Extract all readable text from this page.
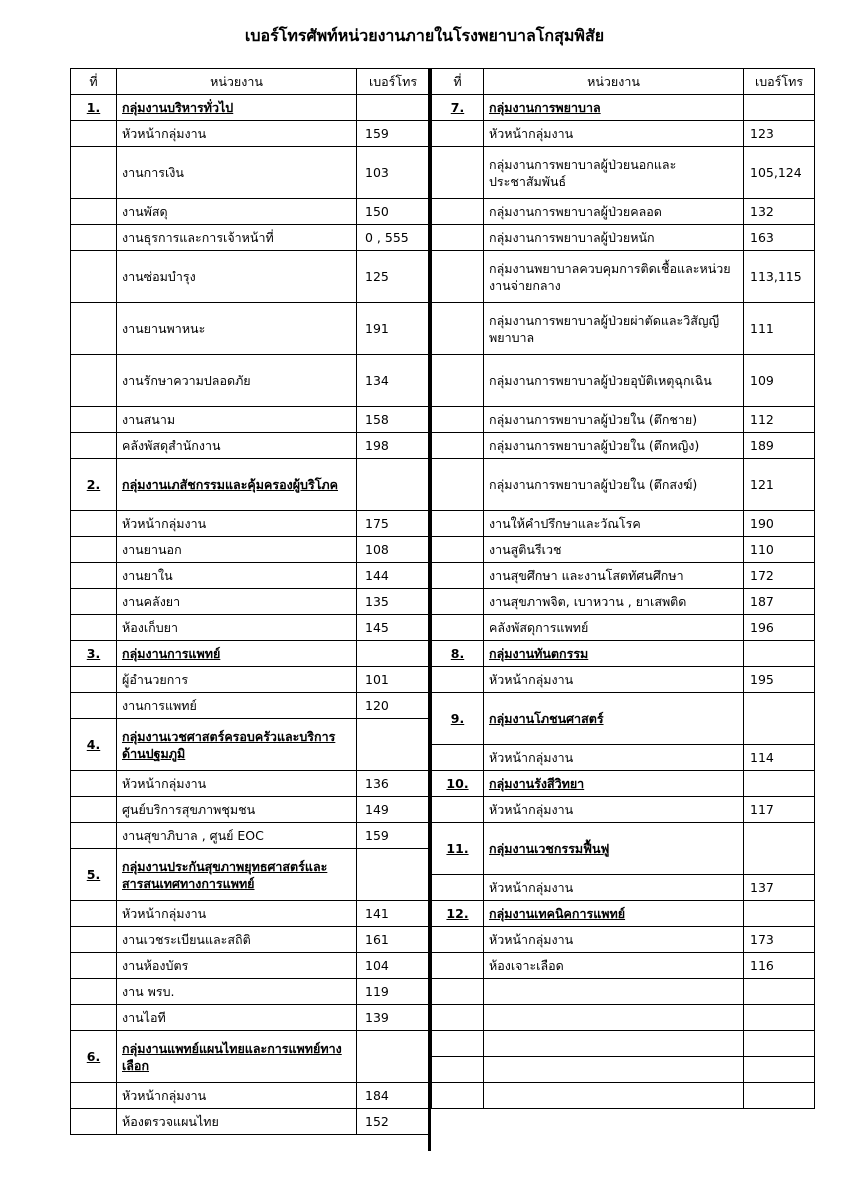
เบอร์โทรศัพท์หน่วยงานภายในโรงพยาบาลโกสุมพิสัย
ที่	หน่วยงาน	เบอร์โทร
1.	กลุ่มงานบริหารทั่วไป	
	หัวหน้ากลุ่มงาน	159
	งานการเงิน	103
	งานพัสดุ	150
	งานธุรการและการเจ้าหน้าที่	0 , 555
	งานซ่อมบำรุง	125
	งานยานพาหนะ	191
	งานรักษาความปลอดภัย	134
	งานสนาม	158
	คลังพัสดุสำนักงาน	198
2.	กลุ่มงานเภสัชกรรมและคุ้มครองผู้บริโภค	
	หัวหน้ากลุ่มงาน	175
	งานยานอก	108
	งานยาใน	144
	งานคลังยา	135
	ห้องเก็บยา	145
3.	กลุ่มงานการแพทย์	
	ผู้อำนวยการ	101
	งานการแพทย์	120
4.	กลุ่มงานเวชศาสตร์ครอบครัวและบริการด้านปฐมภูมิ	
	หัวหน้ากลุ่มงาน	136
	ศูนย์บริการสุขภาพชุมชน	149
	งานสุขาภิบาล , ศูนย์ EOC	159
5.	กลุ่มงานประกันสุขภาพยุทธศาสตร์และสารสนเทศทางการแพทย์	
	หัวหน้ากลุ่มงาน	141
	งานเวชระเบียนและสถิติ	161
	งานห้องบัตร	104
	งาน พรบ.	119
	งานไอที	139
6.	กลุ่มงานแพทย์แผนไทยและการแพทย์ทางเลือก	
	หัวหน้ากลุ่มงาน	184
	ห้องตรวจแผนไทย	152
ที่	หน่วยงาน	เบอร์โทร
7.	กลุ่มงานการพยาบาล	
	หัวหน้ากลุ่มงาน	123
	กลุ่มงานการพยาบาลผู้ป่วยนอกและประชาสัมพันธ์	105,124
	กลุ่มงานการพยาบาลผู้ป่วยคลอด	132
	กลุ่มงานการพยาบาลผู้ป่วยหนัก	163
	กลุ่มงานพยาบาลควบคุมการติดเชื้อและหน่วยงานจ่ายกลาง	113,115
	กลุ่มงานการพยาบาลผู้ป่วยผ่าตัดและวิสัญญีพยาบาล	111
	กลุ่มงานการพยาบาลผู้ป่วยอุบัติเหตุฉุกเฉิน	109
	กลุ่มงานการพยาบาลผู้ป่วยใน (ตึกชาย)	112
	กลุ่มงานการพยาบาลผู้ป่วยใน (ตึกหญิง)	189
	กลุ่มงานการพยาบาลผู้ป่วยใน (ตึกสงฆ์)	121
	งานให้คำปรึกษาและวัณโรค	190
	งานสูตินรีเวช	110
	งานสุขศึกษา และงานโสตทัศนศึกษา	172
	งานสุขภาพจิต, เบาหวาน , ยาเสพติด	187
	คลังพัสดุการแพทย์	196
8.	กลุ่มงานทันตกรรม	
	หัวหน้ากลุ่มงาน	195
9.	กลุ่มงานโภชนศาสตร์	
	หัวหน้ากลุ่มงาน	114
10.	กลุ่มงานรังสีวิทยา	
	หัวหน้ากลุ่มงาน	117
11.	กลุ่มงานเวชกรรมฟื้นฟู	
	หัวหน้ากลุ่มงาน	137
12.	กลุ่มงานเทคนิคการแพทย์	
	หัวหน้ากลุ่มงาน	173
	ห้องเจาะเลือด	116
